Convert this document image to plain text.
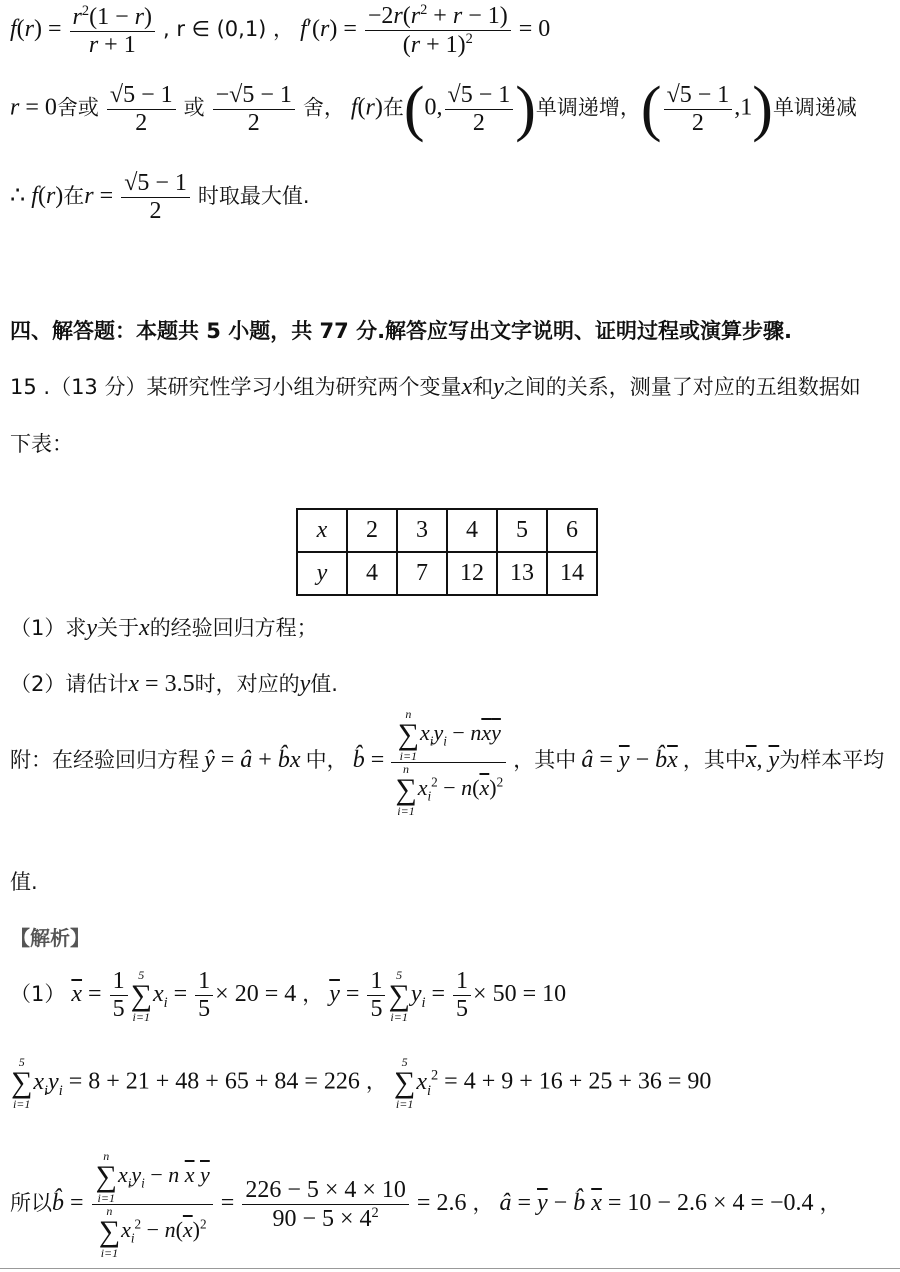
$f(r) = \frac{r^2(1 - r)}{r + 1}$ , r ∈ (0,1) ， $f'(r) = \frac{-2r(r^2 + r - 1)}{(r + 1)^2} = 0$
r = 0舍或 $\frac{√5 - 1}{2}$ 或 $\frac{-√5 - 1}{2}$ 舍， f(r)在(0, $\frac{√5 - 1}{2}$ )单调递增，( $\frac{√5 - 1}{2} ,1$)单调递减
∴ f(r)在$r = \frac{√5 - 1}{2}$ 时取最大值.
四、解答题：本题共 5 小题，共 77 分.解答应写出文字说明、证明过程或演算步骤.
15 .（13 分）某研究性学习小组为研究两个变量x和y之间的关系，测量了对应的五组数据如
下表：
x	2	3	4	5	6
y	4	7	12	13	14
（1）求y关于x的经验回归方程；
（2）请估计x = 3.5时，对应的y值.
附：在经验回归方程 ŷ = â + b̂x 中， b̂ = n
∑
i=1
$x_iy_i - n\overline{x}\overline{y}$
n
∑
i=1
$x_i^2 - n(\overline{x})^2$ ，其中 â = $\overline{y}$ − $b̂\overline{x}$ ，其中$\overline{x}$, $\overline{y}$为样本平均
值.
【解析】
（1） $\overline{x} = \frac{1}{5} 5$
∑
i=1
$x_i = \frac{1}{5} \times 20 = 4$ ， $\overline{y} = \frac{1}{5} 5$
∑
i=1
$y_i = \frac{1}{5} \times 50 = 10$
5
∑
i=1
$x_iy_i = 8 + 21 + 48 + 65 + 84 = 226$ ，
5
∑
i=1
$x_i^2 = 4 + 9 + 16 + 25 + 36 = 90$
所以b̂ = n
∑
i=1
$x_iy_i - n$ $\overline{x}$ $\overline{y}$
n
∑
i=1
$x_i^2 - n(\overline{x})^2 = \frac{226 - 5 \times 4 \times 10}{90 - 5 \times 4^2} = 2.6$ ， â = $\overline{y}$ − b̂ $\overline{x} = 10 - 2.6 \times 4 = -0.4$ ，
